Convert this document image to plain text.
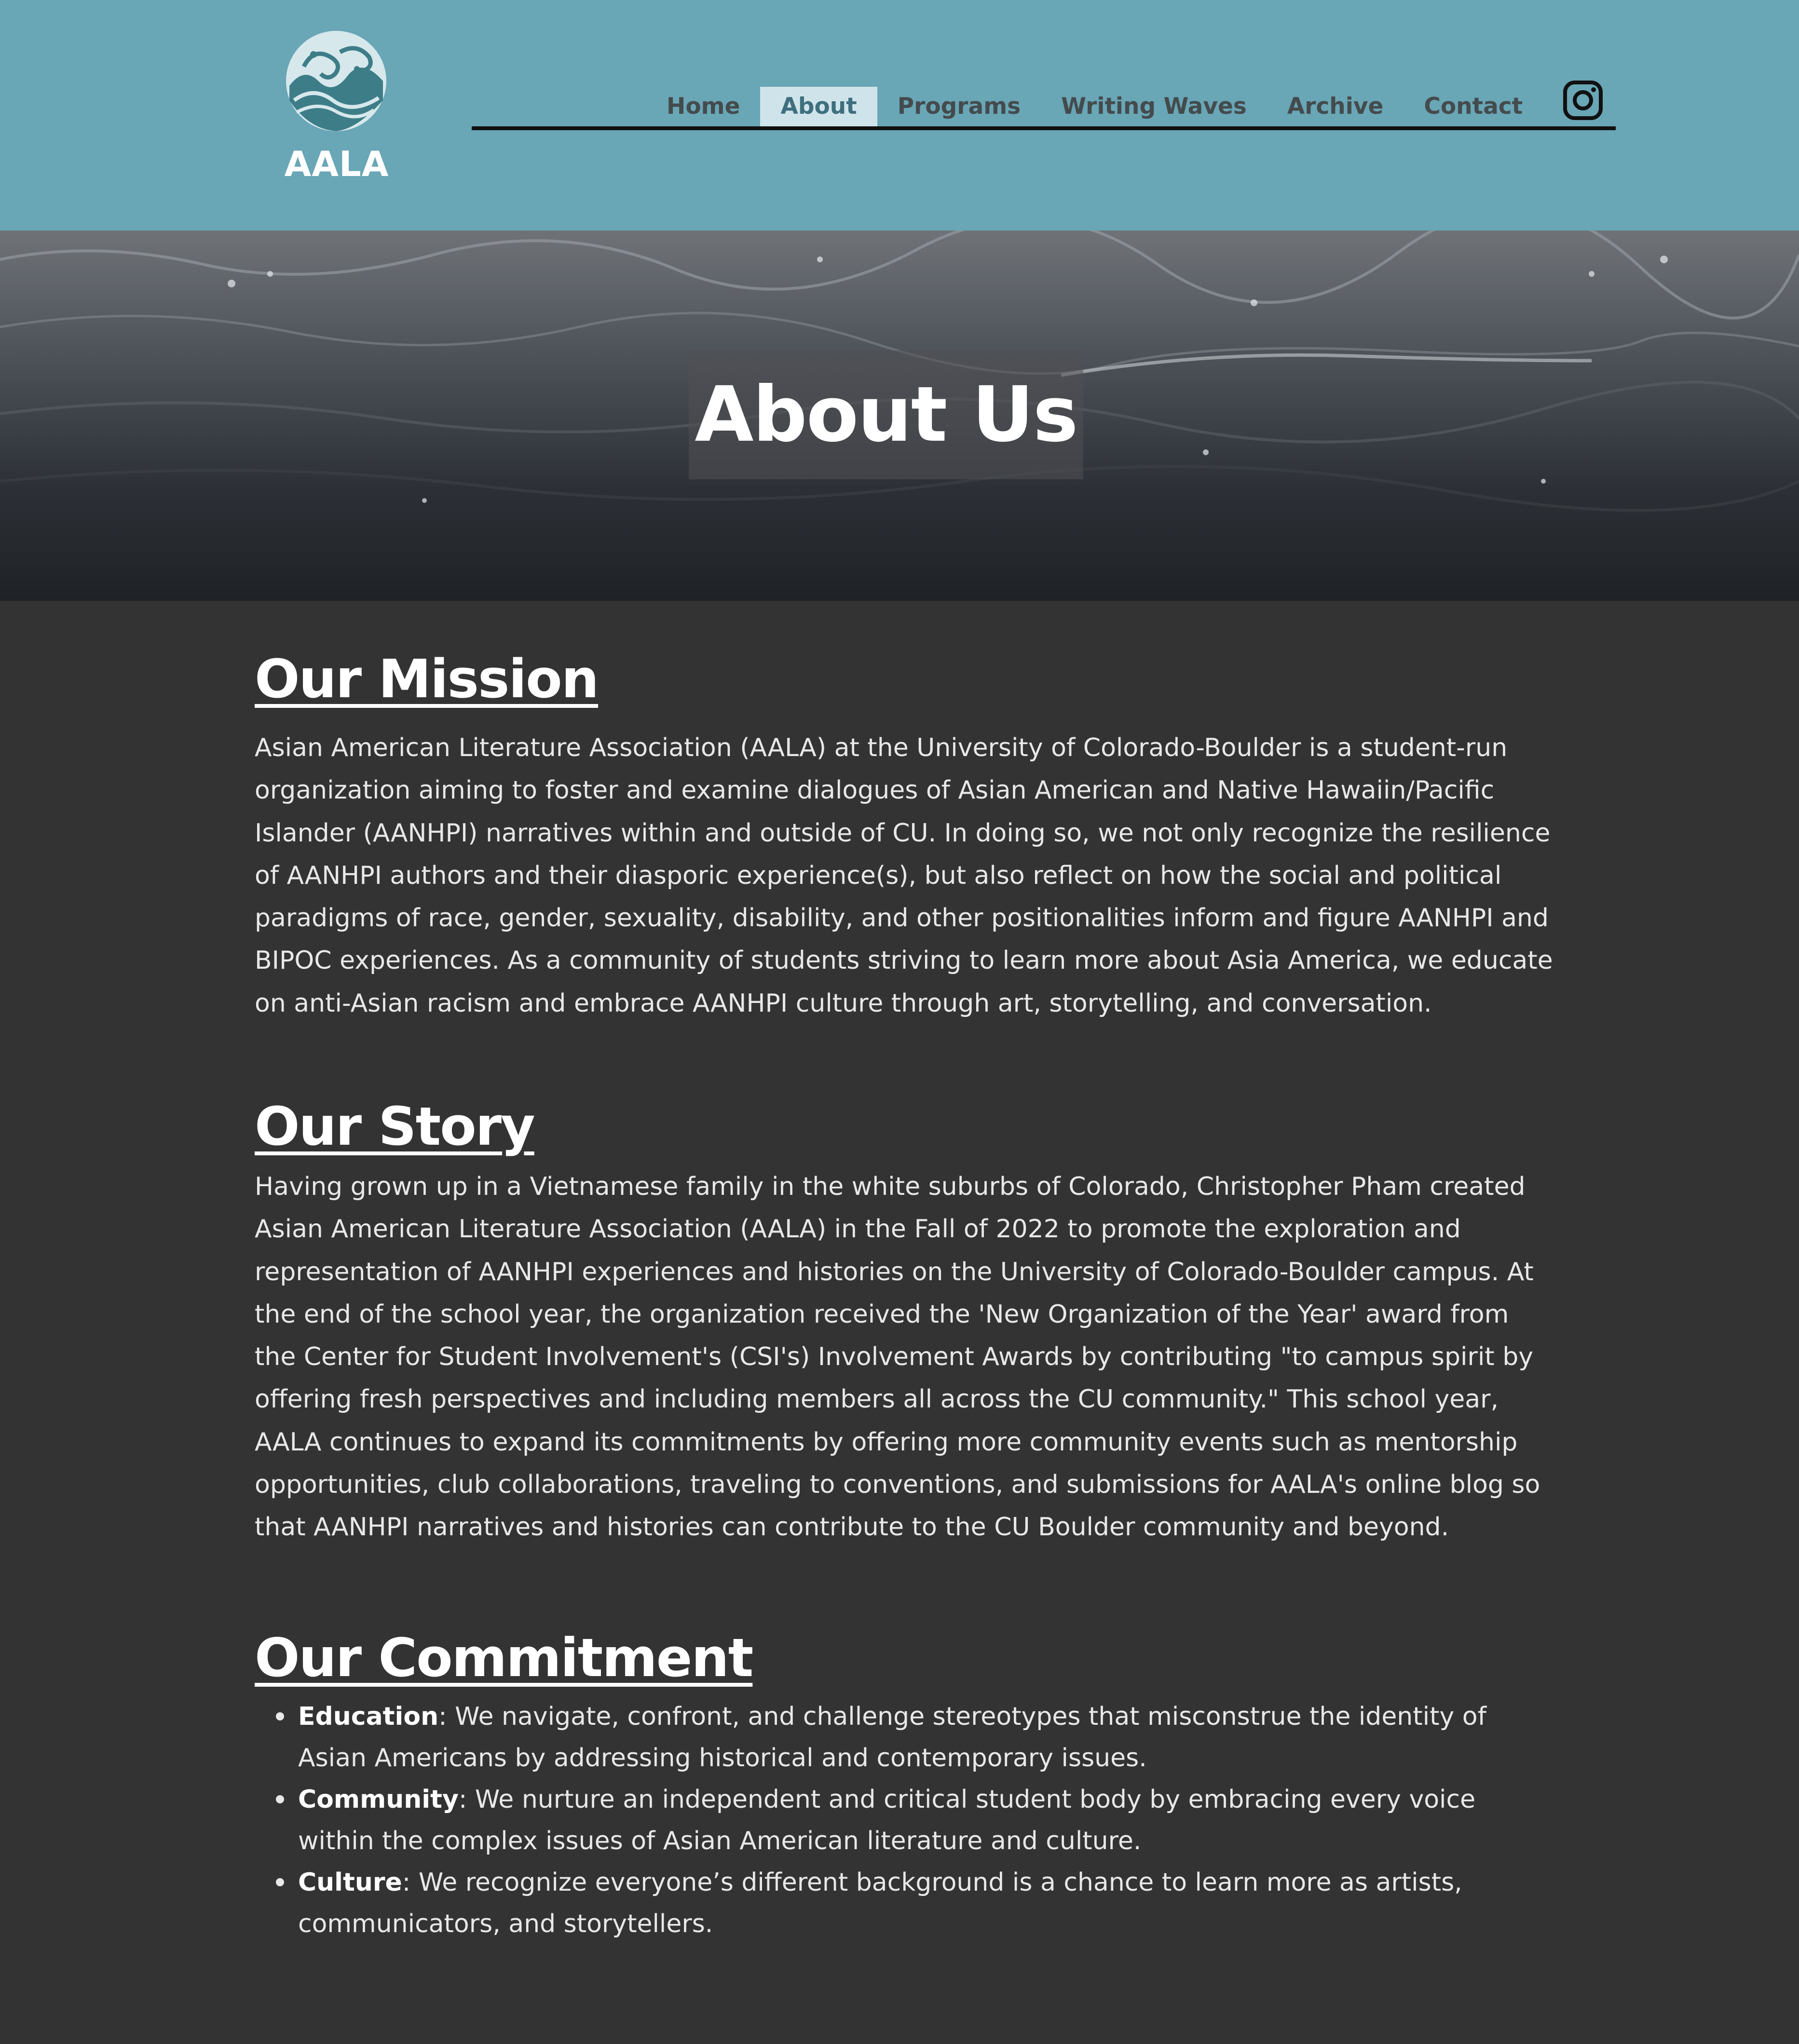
AALA
Home	About	Programs	Writing Waves	Archive	Contact
About Us
Our Mission
Asian American Literature Association (AALA) at the University of Colorado-Boulder is a student-run organization aiming to foster and examine dialogues of Asian American and Native Hawaiin/Pacific Islander (AANHPI) narratives within and outside of CU. In doing so, we not only recognize the resilience of AANHPI authors and their diasporic experience(s), but also reflect on how the social and political paradigms of race, gender, sexuality, disability, and other positionalities inform and figure AANHPI and BIPOC experiences. As a community of students striving to learn more about Asia America, we educate on anti-Asian racism and embrace AANHPI culture through art, storytelling, and conversation.
Our Story
Having grown up in a Vietnamese family in the white suburbs of Colorado, Christopher Pham created Asian American Literature Association (AALA) in the Fall of 2022 to promote the exploration and representation of AANHPI experiences and histories on the University of Colorado-Boulder campus. At the end of the school year, the organization received the 'New Organization of the Year' award from the Center for Student Involvement's (CSI's) Involvement Awards by contributing "to campus spirit by offering fresh perspectives and including members all across the CU community." This school year, AALA continues to expand its commitments by offering more community events such as mentorship opportunities, club collaborations, traveling to conventions, and submissions for AALA's online blog so that AANHPI narratives and histories can contribute to the CU Boulder community and beyond.
Our Commitment
Education: We navigate, confront, and challenge stereotypes that misconstrue the identity of Asian Americans by addressing historical and contemporary issues.
Community: We nurture an independent and critical student body by embracing every voice within the complex issues of Asian American literature and culture.
Culture: We recognize everyone’s different background is a chance to learn more as artists, communicators, and storytellers.
